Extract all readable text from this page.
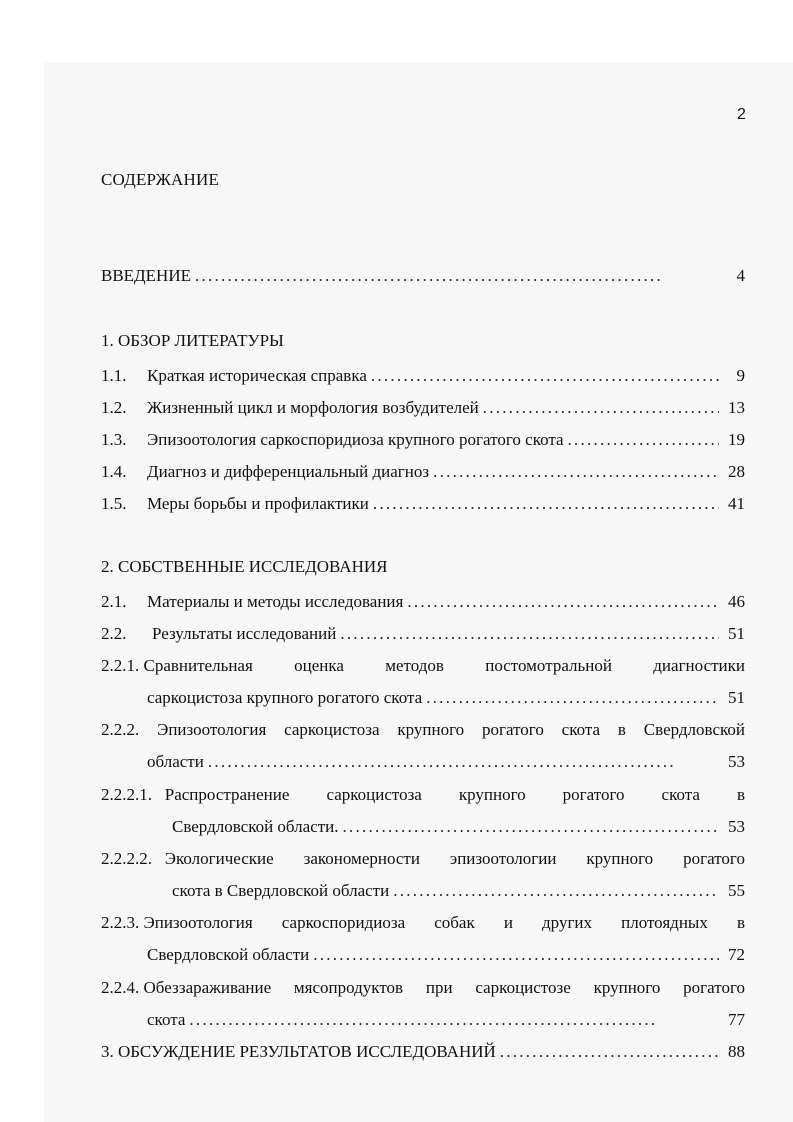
2
СОДЕРЖАНИЕ
ВВЕДЕНИЕ . . .	4
1. ОБЗОР ЛИТЕРАТУРЫ
1.1.	Краткая историческая справка . . .	9
1.2.	Жизненный цикл и морфология возбудителей . . .	13
1.3.	Эпизоотология саркоспоридиоза крупного рогатого скота . . .	19
1.4.	Диагноз и дифференциальный диагноз . . .	28
1.5.	Меры борьбы и профилактики . . .	41
2. СОБСТВЕННЫЕ ИССЛЕДОВАНИЯ
2.1.	Материалы и методы исследования . . .	46
2.2.	Результаты исследований . . .	51
2.2.1. Сравнительная оценка методов постомотральной диагностики
саркоцистоза крупного рогатого скота . . .	51
2.2.2. Эпизоотология саркоцистоза крупного рогатого скота в Свердловской
области . . .	53
2.2.2.1. Распространение саркоцистоза крупного рогатого скота в
Свердловской области. . . .	53
2.2.2.2. Экологические закономерности эпизоотологии крупного рогатого
скота в Свердловской области . . .	55
2.2.3. Эпизоотология саркоспоридиоза собак и других плотоядных в
Свердловской области . . .	72
2.2.4. Обеззараживание мясопродуктов при саркоцистозе крупного рогатого
скота . . .	77
3. ОБСУЖДЕНИЕ РЕЗУЛЬТАТОВ ИССЛЕДОВАНИЙ . . .	88
